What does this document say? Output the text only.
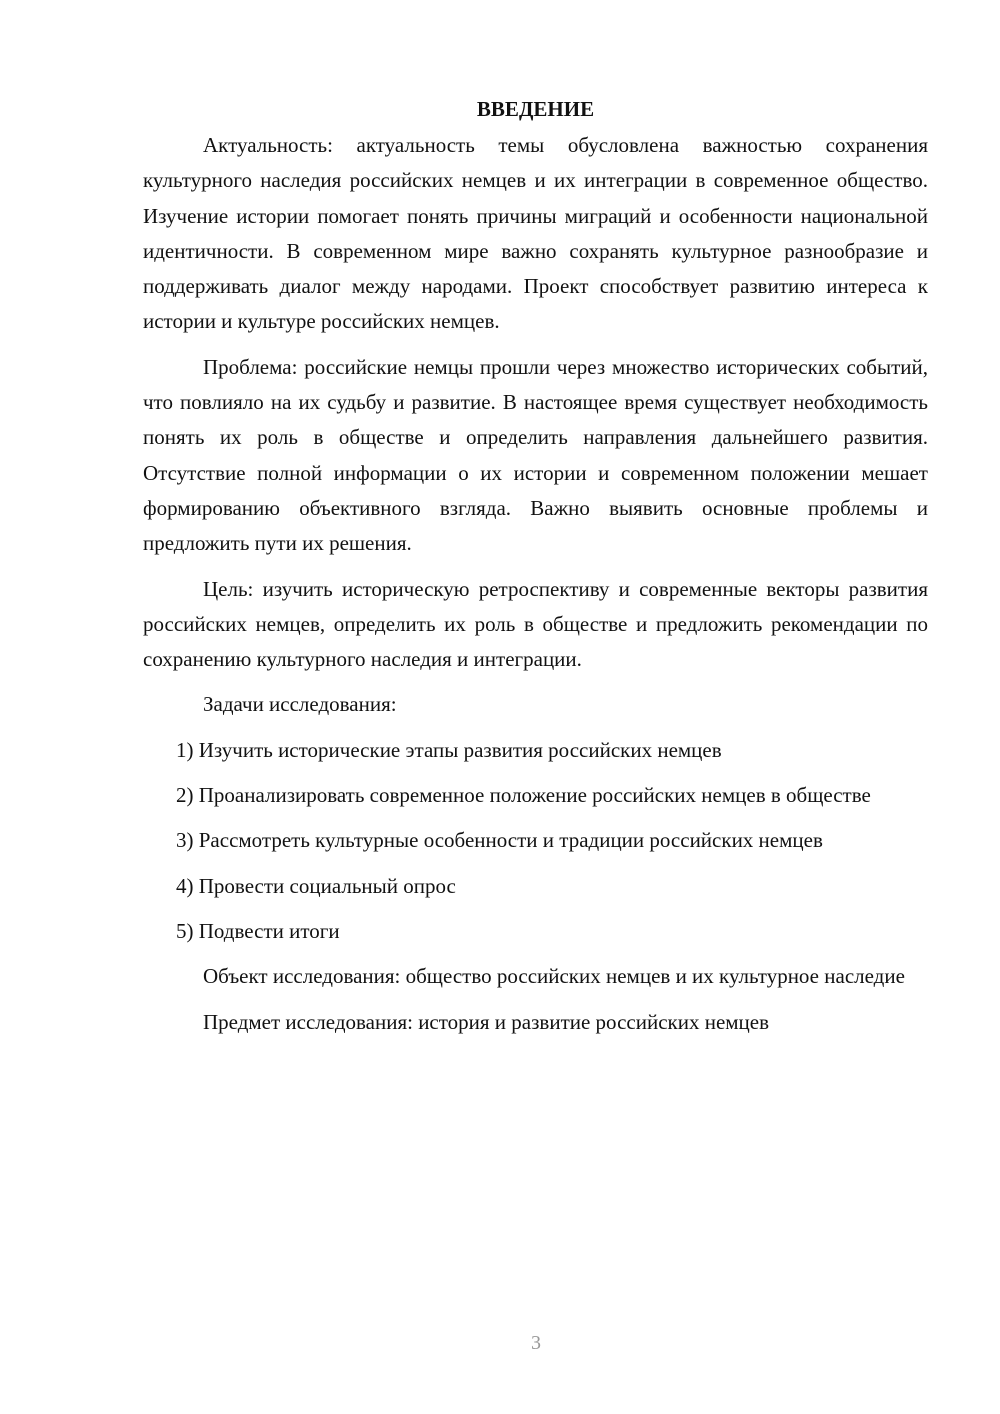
ВВЕДЕНИЕ

Актуальность: актуальность темы обусловлена важностью сохранения культурного наследия российских немцев и их интеграции в современное общество. Изучение истории помогает понять причины миграций и особенности национальной идентичности. В современном мире важно сохранять культурное разнообразие и поддерживать диалог между народами. Проект способствует развитию интереса к истории и культуре российских немцев.

Проблема: российские немцы прошли через множество исторических событий, что повлияло на их судьбу и развитие. В настоящее время существует необходимость понять их роль в обществе и определить направления дальнейшего развития. Отсутствие полной информации о их истории и современном положении мешает формированию объективного взгляда. Важно выявить основные проблемы и предложить пути их решения.

Цель: изучить историческую ретроспективу и современные векторы развития российских немцев, определить их роль в обществе и предложить рекомендации по сохранению культурного наследия и интеграции.

Задачи исследования:

1) Изучить исторические этапы развития российских немцев

2) Проанализировать современное положение российских немцев в обществе

3) Рассмотреть культурные особенности и традиции российских немцев

4) Провести социальный опрос

5) Подвести итоги

Объект исследования: общество российских немцев и их культурное наследие

Предмет исследования: история и развитие российских немцев

3
